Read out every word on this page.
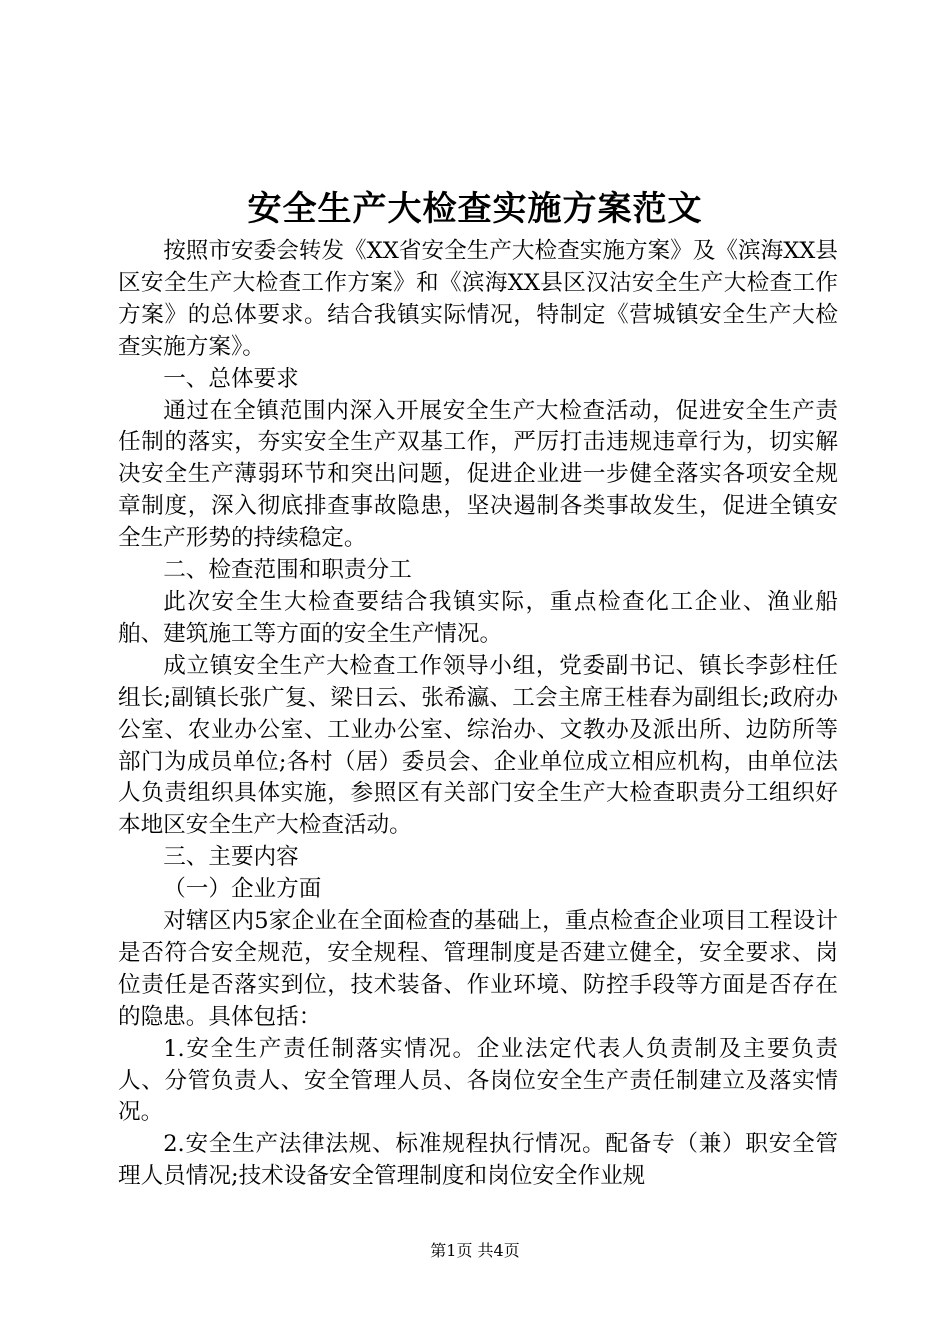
安全生产大检查实施方案范文

按照市安委会转发《XX省安全生产大检查实施方案》及《滨海XX县区安全生产大检查工作方案》和《滨海XX县区汉沽安全生产大检查工作方案》的总体要求。结合我镇实际情况，特制定《营城镇安全生产大检查实施方案》。

一、总体要求

通过在全镇范围内深入开展安全生产大检查活动，促进安全生产责任制的落实，夯实安全生产双基工作，严厉打击违规违章行为，切实解决安全生产薄弱环节和突出问题，促进企业进一步健全落实各项安全规章制度，深入彻底排查事故隐患，坚决遏制各类事故发生，促进全镇安全生产形势的持续稳定。

二、检查范围和职责分工

此次安全生大检查要结合我镇实际，重点检查化工企业、渔业船舶、建筑施工等方面的安全生产情况。

成立镇安全生产大检查工作领导小组，党委副书记、镇长李彭柱任组长;副镇长张广复、梁日云、张希瀛、工会主席王桂春为副组长;政府办公室、农业办公室、工业办公室、综治办、文教办及派出所、边防所等部门为成员单位;各村（居）委员会、企业单位成立相应机构，由单位法人负责组织具体实施，参照区有关部门安全生产大检查职责分工组织好本地区安全生产大检查活动。

三、主要内容

（一）企业方面

对辖区内5家企业在全面检查的基础上，重点检查企业项目工程设计是否符合安全规范，安全规程、管理制度是否建立健全，安全要求、岗位责任是否落实到位，技术装备、作业环境、防控手段等方面是否存在的隐患。具体包括：

1.安全生产责任制落实情况。企业法定代表人负责制及主要负责人、分管负责人、安全管理人员、各岗位安全生产责任制建立及落实情况。

2.安全生产法律法规、标准规程执行情况。配备专（兼）职安全管理人员情况;技术设备安全管理制度和岗位安全作业规

第1页 共4页
